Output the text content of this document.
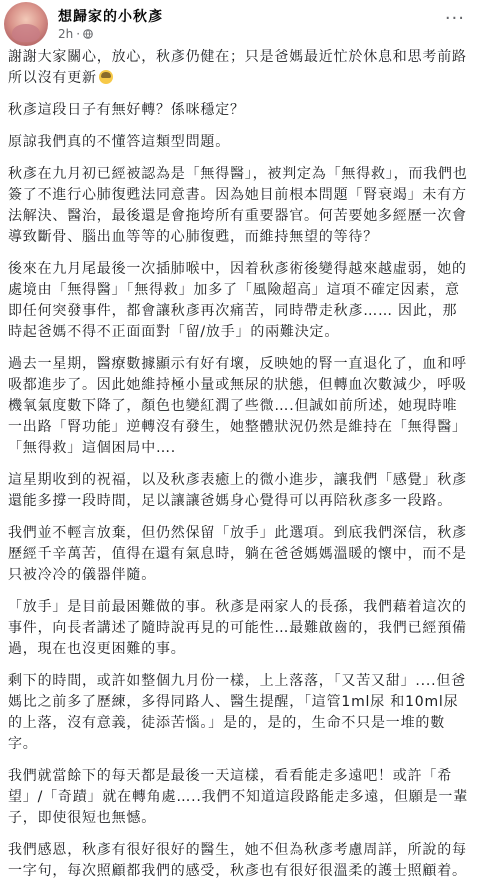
想歸家的小秋彥
2h ·
···

謝謝大家關心，放心，秋彥仍健在；只是爸媽最近忙於休息和思考前路所以沒有更新

秋彥這段日子有無好轉？係咪穩定？

原諒我們真的不懂答這類型問題。

秋彥在九月初已經被認為是「無得醫」，被判定為「無得救」，而我們也簽了不進行心肺復甦法同意書。因為她目前根本問題「腎衰竭」未有方法解決、醫治，最後還是會拖垮所有重要器官。何苦要她多經歷一次會導致斷骨、腦出血等等的心肺復甦，而維持無望的等待？

後來在九月尾最後一次插肺喉中，因着秋彥術後變得越來越虛弱，她的處境由「無得醫」「無得救」加多了「風險超高」這項不確定因素，意即任何突發事件，都會讓秋彥再次痛苦，同時帶走秋彥…… 因此，那時起爸媽不得不正面面對「留/放手」的兩難決定。

過去一星期，醫療數據顯示有好有壞，反映她的腎一直退化了，血和呼吸都進步了。因此她維持極小量或無尿的狀態，但轉血次數減少，呼吸機氧氣度數下降了，顏色也變紅潤了些微….但誠如前所述，她現時唯一出路「腎功能」逆轉沒有發生，她整體狀況仍然是維持在「無得醫」「無得救」這個困局中….

這星期收到的祝福，以及秋彥表癒上的微小進步，讓我們「感覺」秋彥還能多撐一段時間，足以讓讓爸媽身心覺得可以再陪秋彥多一段路。

我們並不輕言放棄，但仍然保留「放手」此選項。到底我們深信，秋彥歷經千辛萬苦，值得在還有氣息時，躺在爸爸媽媽溫暖的懷中，而不是只被冷冷的儀器伴隨。

「放手」是目前最困難做的事。秋彥是兩家人的長孫，我們藉着這次的事件，向長者講述了隨時說再見的可能性…最難啟齒的，我們已經預備過，現在也沒更困難的事。

剩下的時間，或許如整個九月份一樣，上上落落，「又苦又甜」....但爸媽比之前多了歷練，多得同路人、醫生提醒，「這管1ml尿 和10ml尿的上落，沒有意義，徒添苦惱。」是的，是的，生命不只是一堆的數字。

我們就當餘下的每天都是最後一天這樣，看看能走多遠吧！或許「希望」/「奇蹟」就在轉角處…..我們不知道這段路能走多遠，但願是一輩子，即使很短也無憾。

我們感恩，秋彥有很好很好的醫生，她不但為秋彥考慮周詳，所說的每一字句，每次照顧都我們的感受，秋彥也有很好很溫柔的護士照顧着。
